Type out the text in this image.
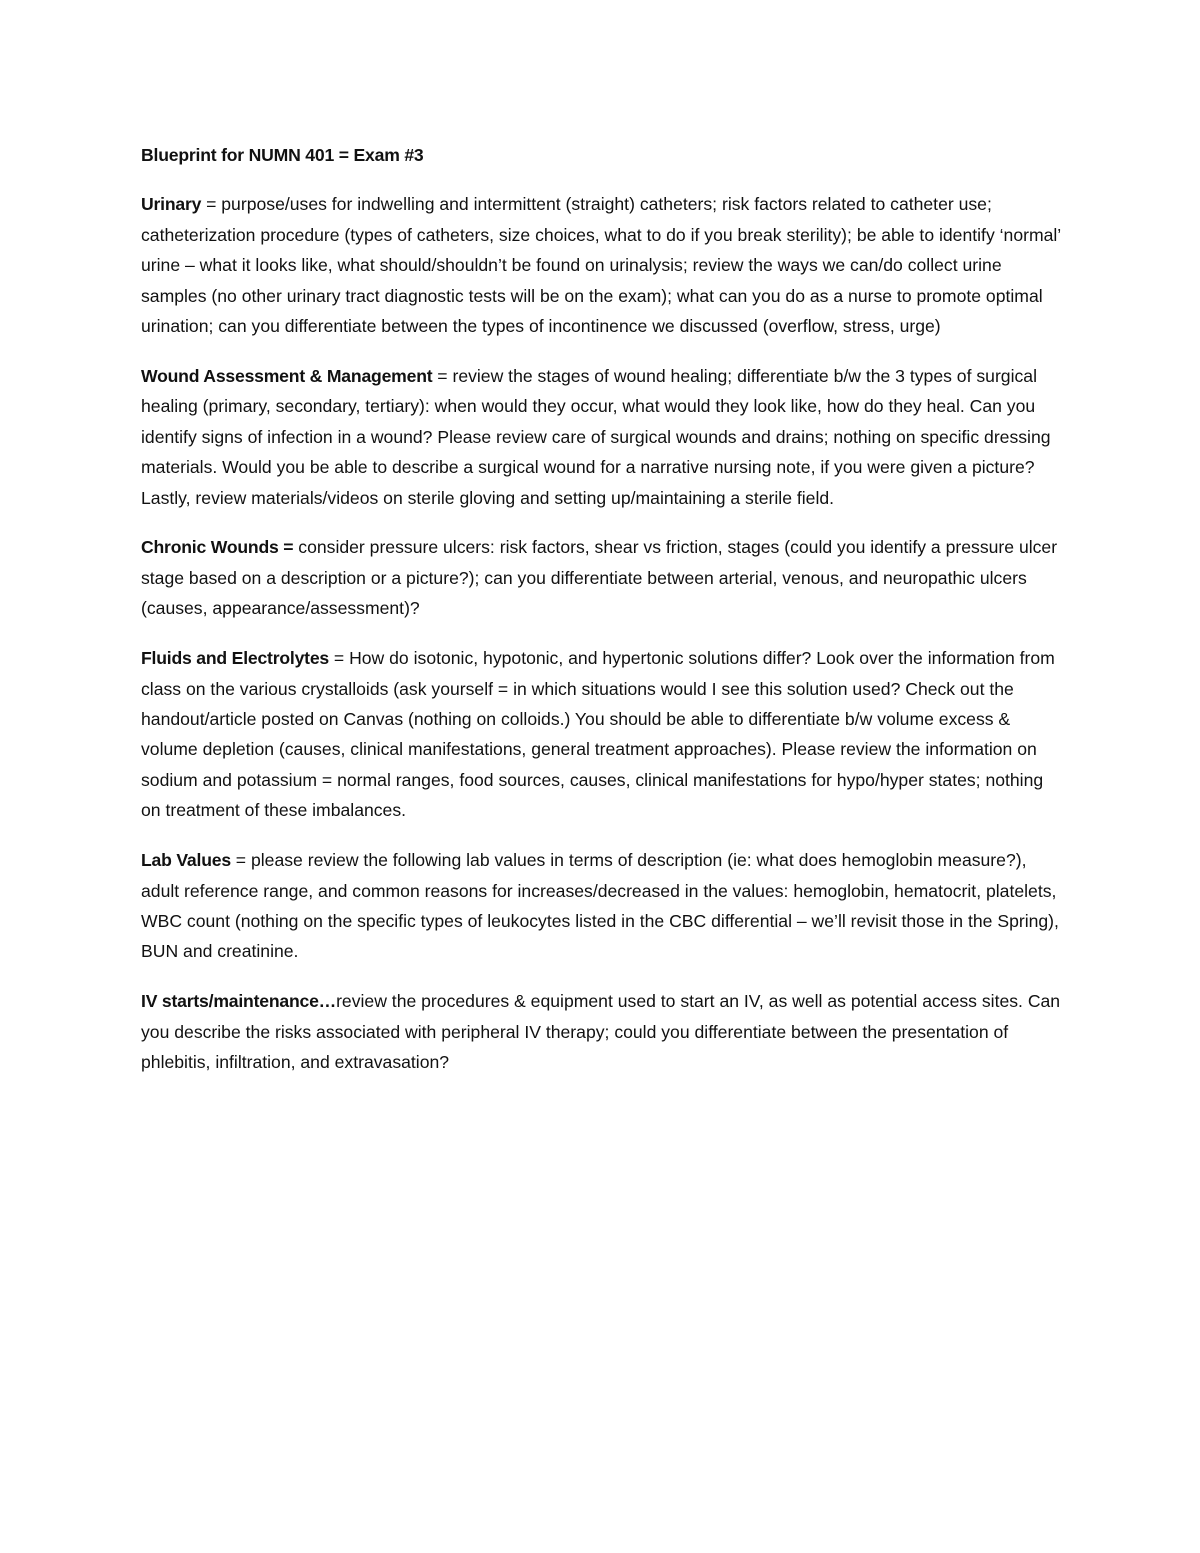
Blueprint for NUMN 401 = Exam #3

Urinary = purpose/uses for indwelling and intermittent (straight) catheters; risk factors related to catheter use; catheterization procedure (types of catheters, size choices, what to do if you break sterility); be able to identify ‘normal’ urine – what it looks like, what should/shouldn’t be found on urinalysis; review the ways we can/do collect urine samples (no other urinary tract diagnostic tests will be on the exam); what can you do as a nurse to promote optimal urination; can you differentiate between the types of incontinence we discussed (overflow, stress, urge)

Wound Assessment & Management = review the stages of wound healing; differentiate b/w the 3 types of surgical healing (primary, secondary, tertiary): when would they occur, what would they look like, how do they heal. Can you identify signs of infection in a wound? Please review care of surgical wounds and drains; nothing on specific dressing materials. Would you be able to describe a surgical wound for a narrative nursing note, if you were given a picture? Lastly, review materials/videos on sterile gloving and setting up/maintaining a sterile field.

Chronic Wounds = consider pressure ulcers: risk factors, shear vs friction, stages (could you identify a pressure ulcer stage based on a description or a picture?); can you differentiate between arterial, venous, and neuropathic ulcers (causes, appearance/assessment)?

Fluids and Electrolytes = How do isotonic, hypotonic, and hypertonic solutions differ? Look over the information from class on the various crystalloids (ask yourself = in which situations would I see this solution used? Check out the handout/article posted on Canvas (nothing on colloids.) You should be able to differentiate b/w volume excess & volume depletion (causes, clinical manifestations, general treatment approaches). Please review the information on sodium and potassium = normal ranges, food sources, causes, clinical manifestations for hypo/hyper states; nothing on treatment of these imbalances.

Lab Values = please review the following lab values in terms of description (ie: what does hemoglobin measure?), adult reference range, and common reasons for increases/decreased in the values: hemoglobin, hematocrit, platelets, WBC count (nothing on the specific types of leukocytes listed in the CBC differential – we’ll revisit those in the Spring), BUN and creatinine.

IV starts/maintenance…review the procedures & equipment used to start an IV, as well as potential access sites. Can you describe the risks associated with peripheral IV therapy; could you differentiate between the presentation of phlebitis, infiltration, and extravasation?
